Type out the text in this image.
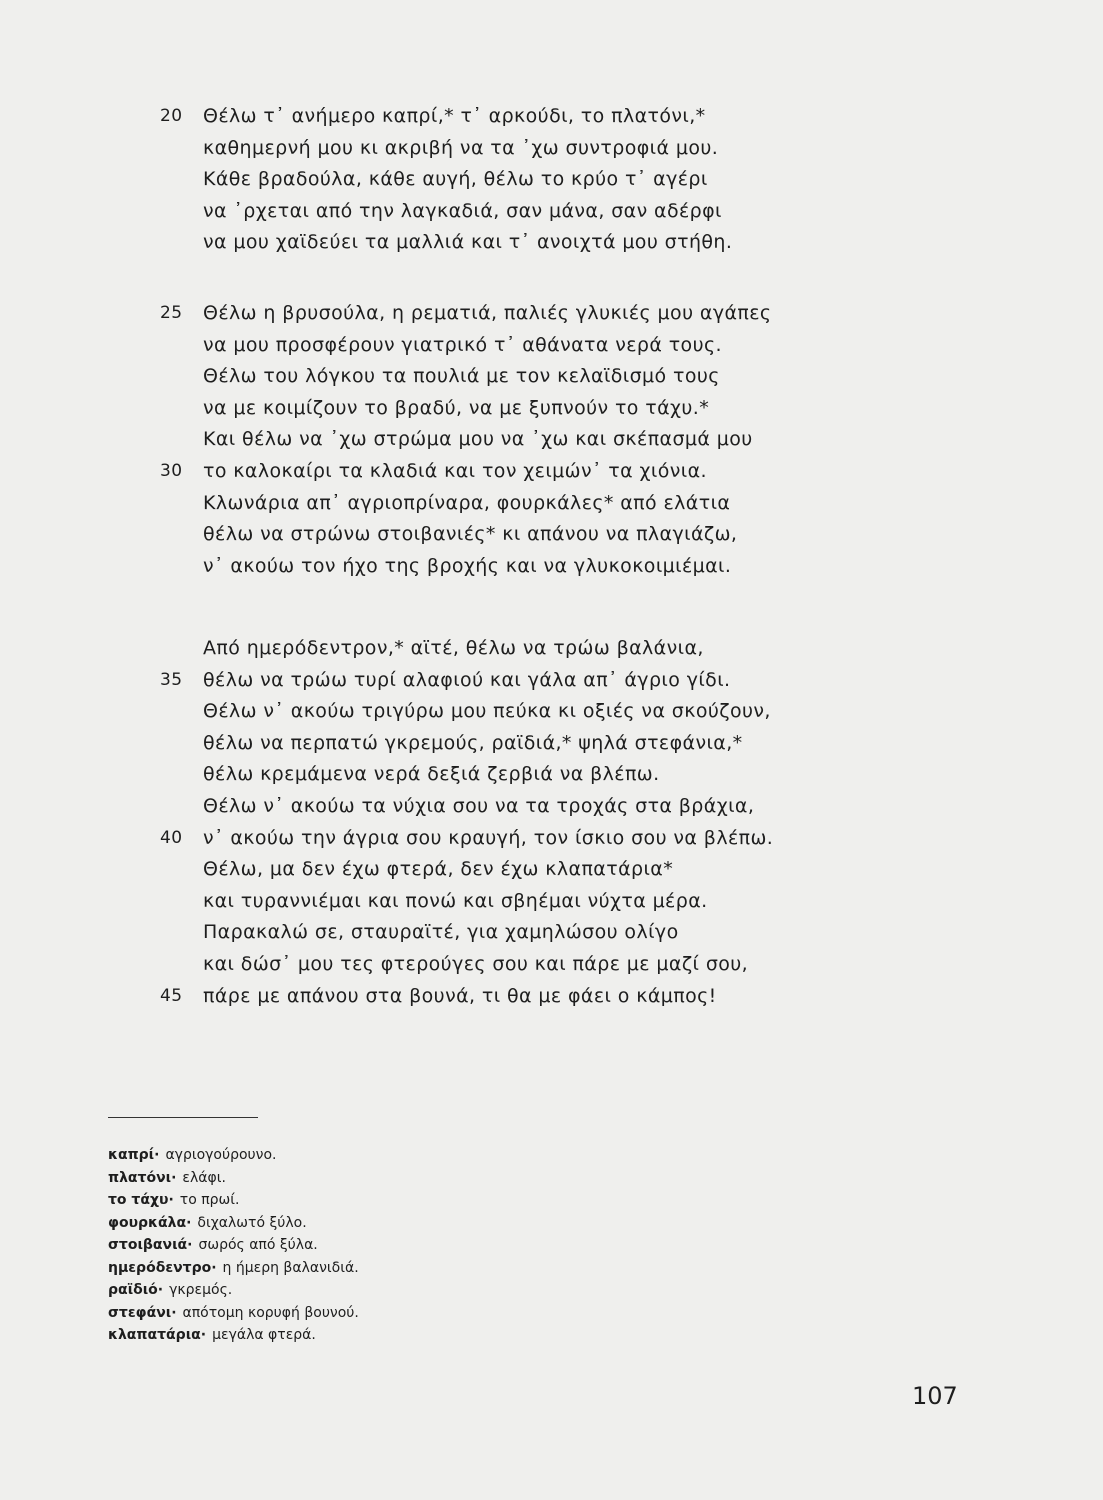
20	Θέλω τ᾽ ανήμερο καπρί,* τ᾽ αρκούδι, το πλατόνι,*
καθημερνή μου κι ακριβή να τα ᾽χω συντροφιά μου.
Κάθε βραδούλα, κάθε αυγή, θέλω το κρύο τ᾽ αγέρι
να ᾽ρχεται από την λαγκαδιά, σαν μάνα, σαν αδέρφι
να μου χαϊδεύει τα μαλλιά και τ᾽ ανοιχτά μου στήθη.
25	Θέλω η βρυσούλα, η ρεματιά, παλιές γλυκιές μου αγάπες
να μου προσφέρουν γιατρικό τ᾽ αθάνατα νερά τους.
Θέλω του λόγκου τα πουλιά με τον κελαϊδισμό τους
να με κοιμίζουν το βραδύ, να με ξυπνούν το τάχυ.*
Και θέλω να ᾽χω στρώμα μου να ᾽χω και σκέπασμά μου
30	το καλοκαίρι τα κλαδιά και τον χειμών᾽ τα χιόνια.
Κλωνάρια απ᾽ αγριοπρίναρα, φουρκάλες* από ελάτια
θέλω να στρώνω στοιβανιές* κι απάνου να πλαγιάζω,
ν᾽ ακούω τον ήχο της βροχής και να γλυκοκοιμιέμαι.
Από ημερόδεντρον,* αϊτέ, θέλω να τρώω βαλάνια,
35	θέλω να τρώω τυρί αλαφιού και γάλα απ᾽ άγριο γίδι.
Θέλω ν᾽ ακούω τριγύρω μου πεύκα κι οξιές να σκούζουν,
θέλω να περπατώ γκρεμούς, ραϊδιά,* ψηλά στεφάνια,*
θέλω κρεμάμενα νερά δεξιά ζερβιά να βλέπω.
Θέλω ν᾽ ακούω τα νύχια σου να τα τροχάς στα βράχια,
40	ν᾽ ακούω την άγρια σου κραυγή, τον ίσκιο σου να βλέπω.
Θέλω, μα δεν έχω φτερά, δεν έχω κλαπατάρια*
και τυραννιέμαι και πονώ και σβηέμαι νύχτα μέρα.
Παρακαλώ σε, σταυραϊτέ, για χαμηλώσου ολίγο
και δώσ᾽ μου τες φτερούγες σου και πάρε με μαζί σου,
45	πάρε με απάνου στα βουνά, τι θα με φάει ο κάμπος!
καπρί· αγριογούρουνο.
πλατόνι· ελάφι.
το τάχυ· το πρωί.
φουρκάλα· διχαλωτό ξύλο.
στοιβανιά· σωρός από ξύλα.
ημερόδεντρο· η ήμερη βαλανιδιά.
ραϊδιό· γκρεμός.
στεφάνι· απότομη κορυφή βουνού.
κλαπατάρια· μεγάλα φτερά.
107
